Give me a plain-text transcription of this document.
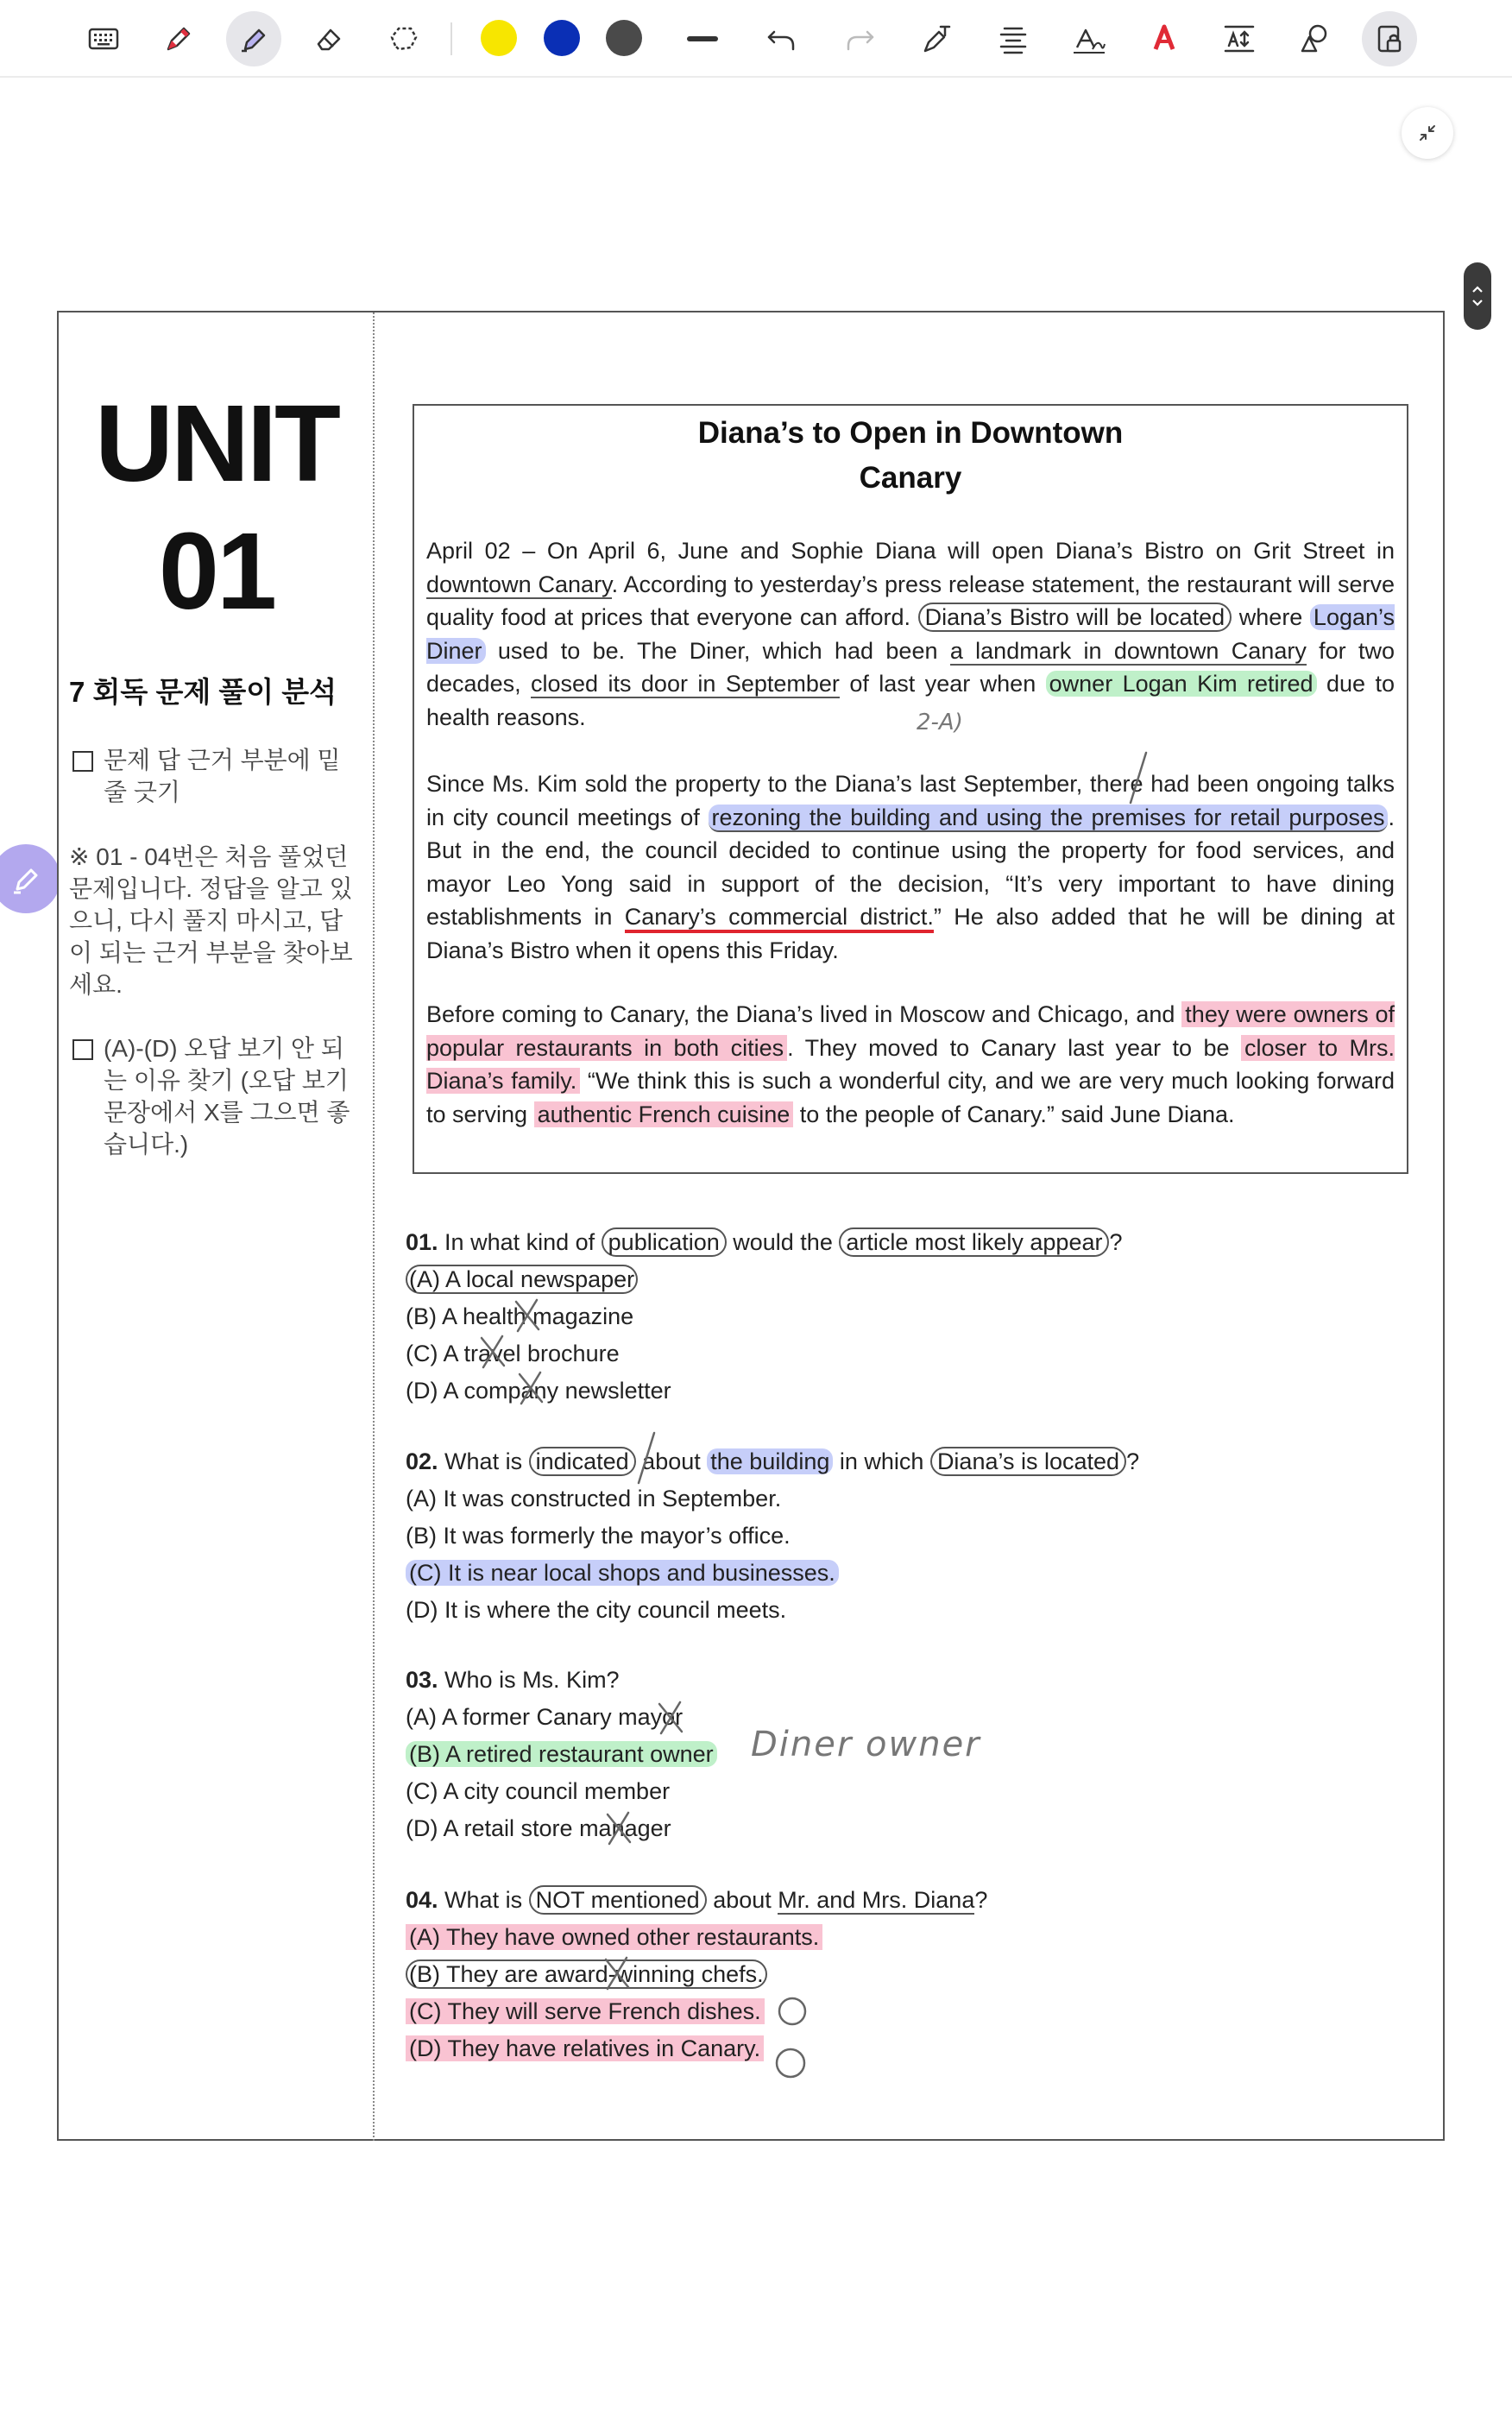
UNIT
01
7 회독 문제 풀이 분석
문제 답 근거 부분에 밑줄 긋기
※ 01 - 04번은 처음 풀었던 문제입니다. 정답을 알고 있으니, 다시 풀지 마시고, 답이 되는 근거 부분을 찾아보세요.
(A)-(D) 오답 보기 안 되는 이유 찾기 (오답 보기 문장에서 X를 그으면 좋습니다.)
Diana’s to Open in Downtown
Canary

April 02 – On April 6, June and Sophie Diana will open Diana’s Bistro on Grit Street in downtown Canary. According to yesterday’s press release statement, the restaurant will serve quality food at prices that everyone can afford. Diana’s Bistro will be located where Logan’s Diner used to be. The Diner, which had been a landmark in downtown Canary for two decades, closed its door in September of last year when owner Logan Kim retired due to health reasons.	2-A)

Since Ms. Kim sold the property to the Diana’s last September, there had been ongoing talks in city council meetings of rezoning the building and using the premises for retail purposes . But in the end, the council decided to continue using the property for food services, and mayor Leo Yong said in support of the decision, “It’s very important to have dining establishments in Canary’s commercial district.” He also added that he will be dining at Diana’s Bistro when it opens this Friday.

Before coming to Canary, the Diana’s lived in Moscow and Chicago, and they were owners of popular restaurants in both cities . They moved to Canary last year to be closer to Mrs. Diana’s family. “We think this is such a wonderful city, and we are very much looking forward to serving authentic French cuisine to the people of Canary.” said June Diana.

01. In what kind of publication would the article most likely appear ?
(A) A local newspaper
(B) A health magazine
(C) A travel brochure
(D) A company newsletter
02. What is indicated about the building in which Diana’s is located ?
(A) It was constructed in September.
(B) It was formerly the mayor’s office.
(C) It is near local shops and businesses.
(D) It is where the city council meets.
03. Who is Ms. Kim?
(A) A former Canary mayor
(B) A retired restaurant owner
(C) A city council member
(D) A retail store manager
Diner owner
04. What is NOT mentioned about Mr. and Mrs. Diana?
(A) They have owned other restaurants.
(B) They are award-winning chefs.
(C) They will serve French dishes.
(D) They have relatives in Canary.
